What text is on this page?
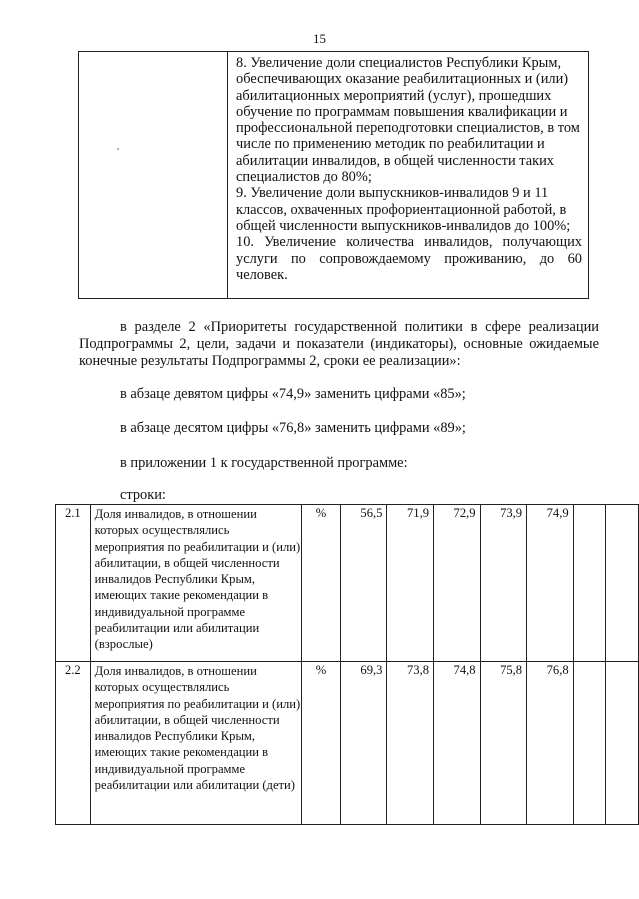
15

8. Увеличение доли специалистов Республики Крым, обеспечивающих оказание реабилитационных и (или) абилитационных мероприятий (услуг), прошедших обучение по программам повышения квалификации и профессиональной переподготовки специалистов, в том числе по применению методик по реабилитации и абилитации инвалидов, в общей численности таких специалистов до 80%;
9. Увеличение доли выпускников-инвалидов 9 и 11 классов, охваченных профориентационной работой, в общей численности выпускников-инвалидов до 100%;
10. Увеличение количества инвалидов, получающих услуги по сопровождаемому проживанию, до 60 человек.
в разделе 2 «Приоритеты государственной политики в сфере реализации Подпрограммы 2, цели, задачи и показатели (индикаторы), основные ожидаемые конечные результаты Подпрограммы 2, сроки ее реализации»:
в абзаце девятом цифры «74,9» заменить цифрами «85»;
в абзаце десятом цифры «76,8» заменить цифрами «89»;
в приложении 1 к государственной программе:
строки:
2.1	Доля инвалидов, в отношении которых осуществлялись мероприятия по реабилитации и (или) абилитации, в общей численности инвалидов Республики Крым, имеющих такие рекомендации в индивидуальной программе реабилитации или абилитации (взрослые)	%	56,5	71,9	72,9	73,9	74,9		
2.2	Доля инвалидов, в отношении которых осуществлялись мероприятия по реабилитации и (или) абилитации, в общей численности инвалидов Республики Крым, имеющих такие рекомендации в индивидуальной программе реабилитации или абилитации (дети)	%	69,3	73,8	74,8	75,8	76,8		
